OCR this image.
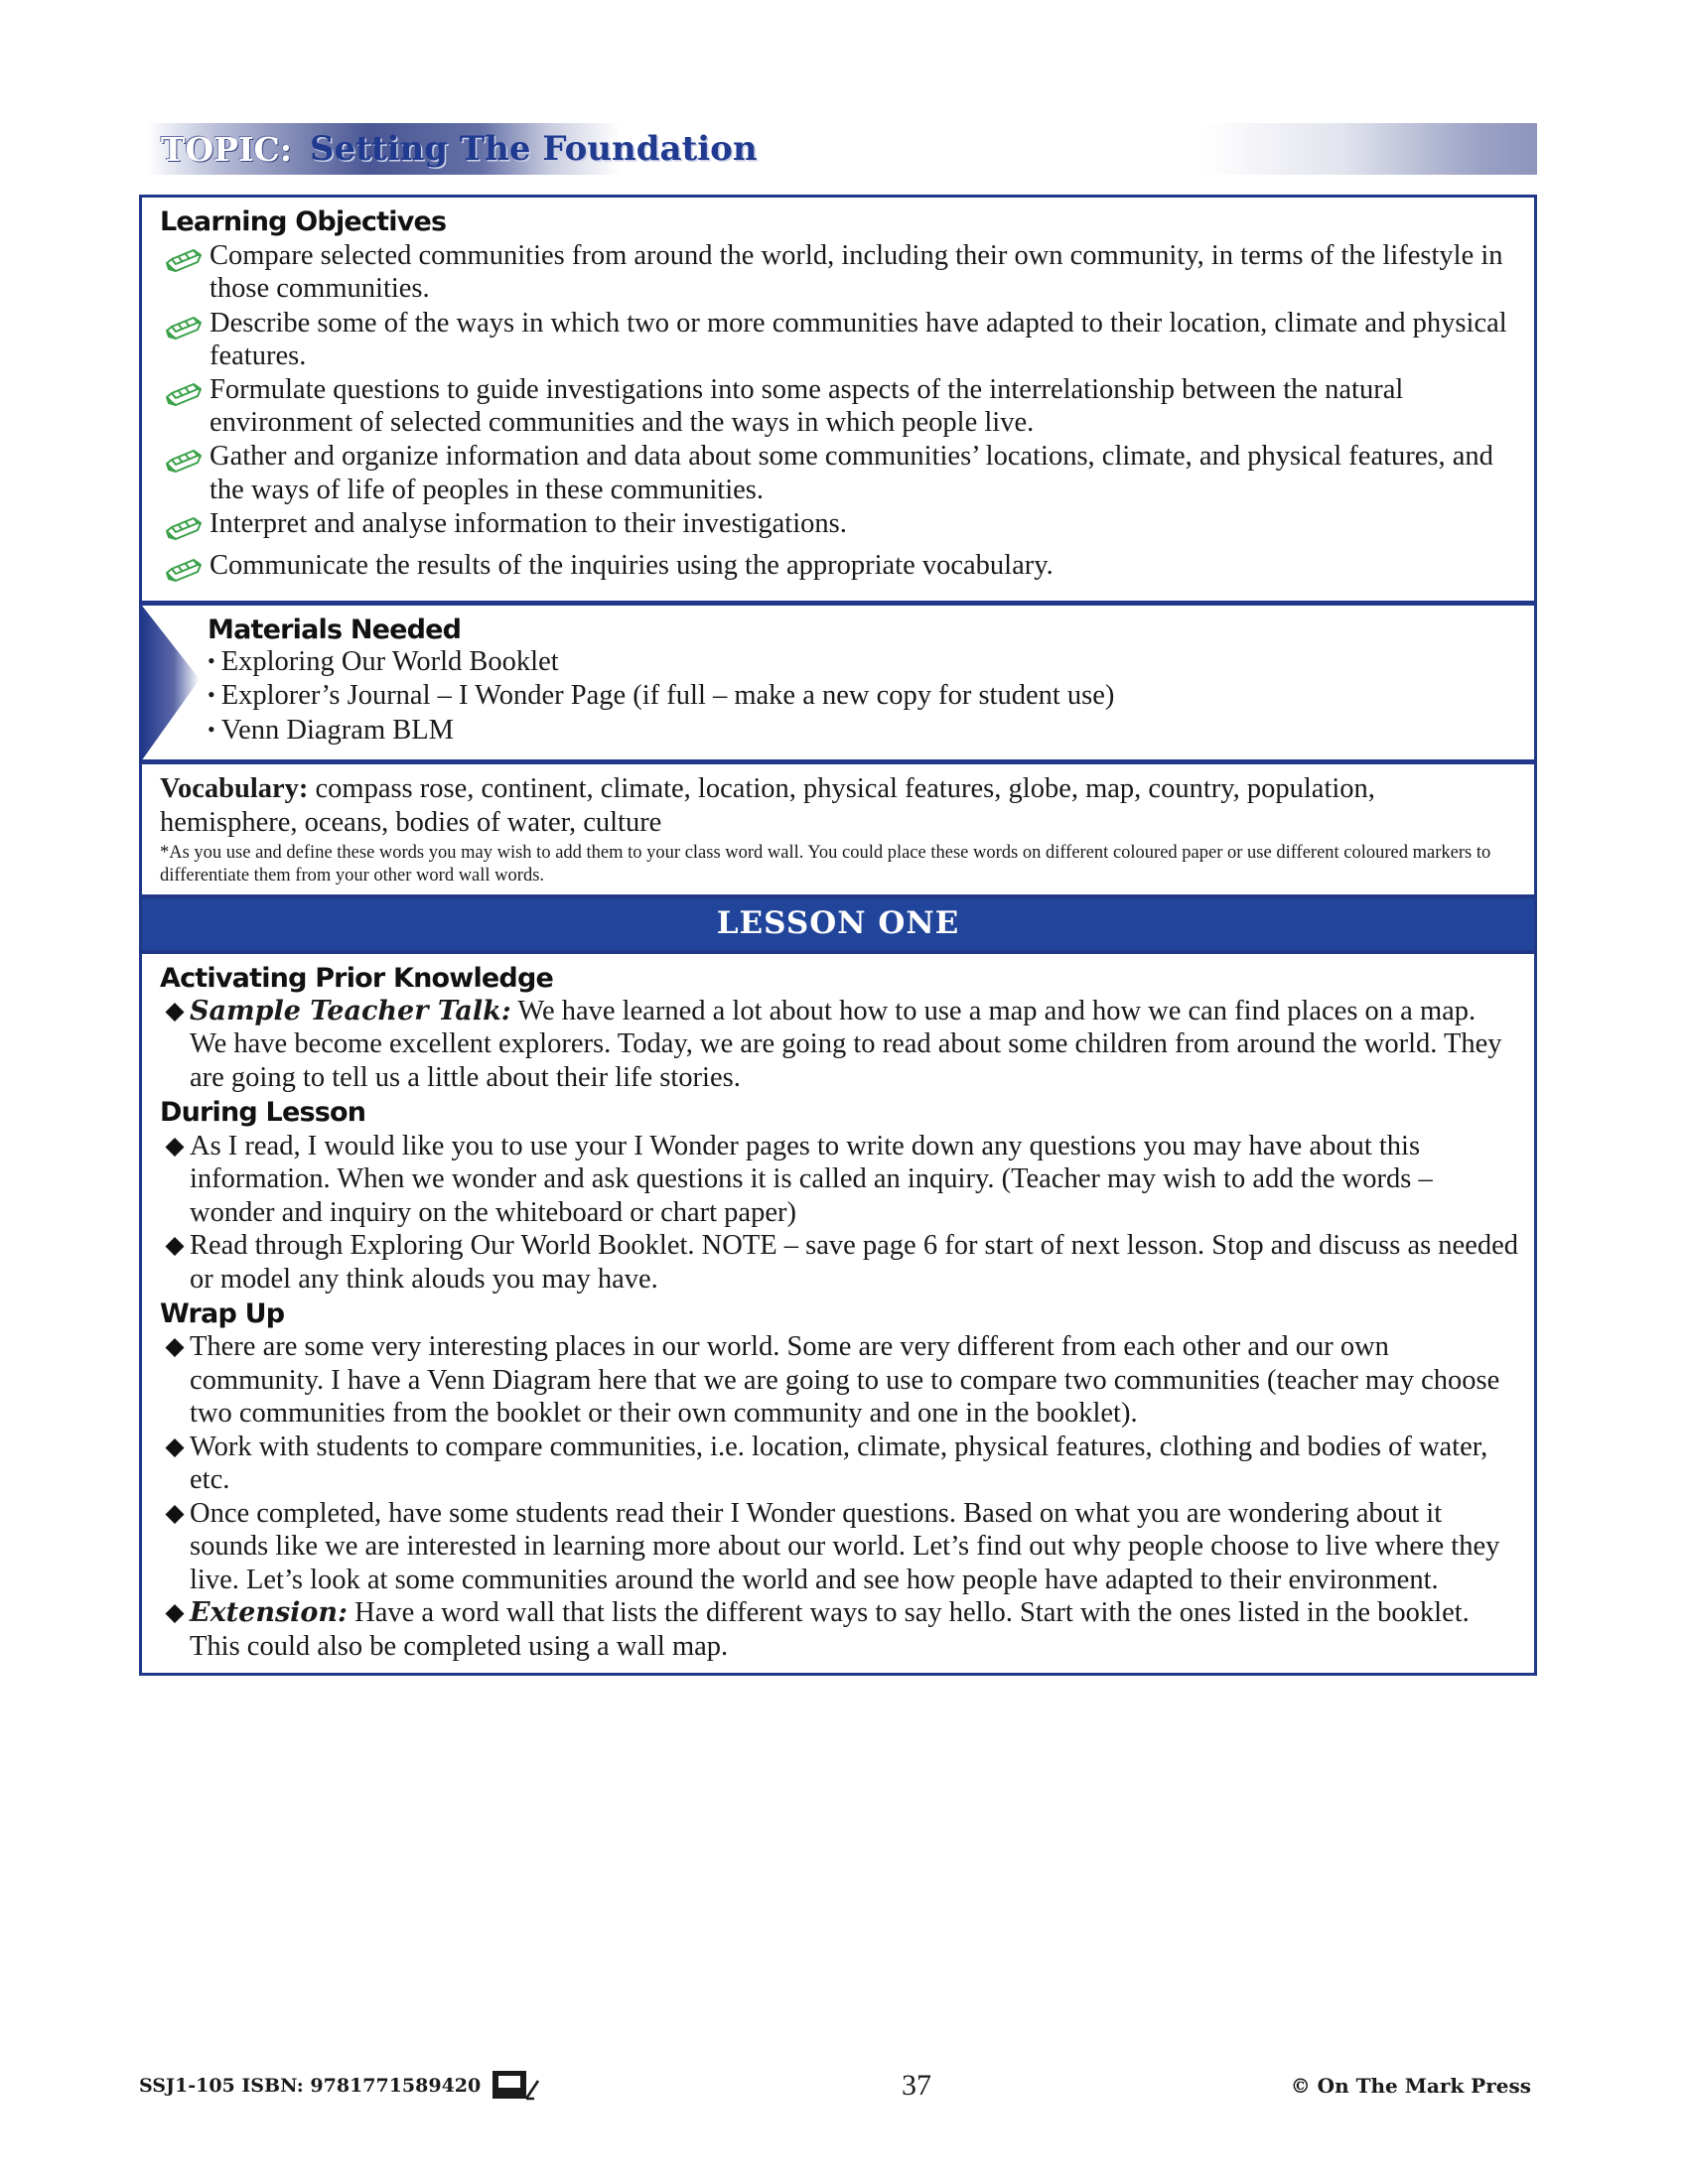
TOPIC: Setting The Foundation
Learning Objectives
Compare selected communities from around the world, including their own community, in terms of the lifestyle in those communities.
Describe some of the ways in which two or more communities have adapted to their location, climate and physical features.
Formulate questions to guide investigations into some aspects of the interrelationship between the natural environment of selected communities and the ways in which people live.
Gather and organize information and data about some communities’ locations, climate, and physical features, and the ways of life of peoples in these communities.
Interpret and analyse information to their investigations.
Communicate the results of the inquiries using the appropriate vocabulary.
Materials Needed
• Exploring Our World Booklet
• Explorer’s Journal – I Wonder Page (if full – make a new copy for student use)
• Venn Diagram BLM
Vocabulary: compass rose, continent, climate, location, physical features, globe, map, country, population, hemisphere, oceans, bodies of water, culture
*As you use and define these words you may wish to add them to your class word wall. You could place these words on different coloured paper or use different coloured markers to differentiate them from your other word wall words.
LESSON ONE
Activating Prior Knowledge
◆ Sample Teacher Talk: We have learned a lot about how to use a map and how we can find places on a map. We have become excellent explorers. Today, we are going to read about some children from around the world. They are going to tell us a little about their life stories.
During Lesson
◆ As I read, I would like you to use your I Wonder pages to write down any questions you may have about this information. When we wonder and ask questions it is called an inquiry. (Teacher may wish to add the words – wonder and inquiry on the whiteboard or chart paper)
◆ Read through Exploring Our World Booklet. NOTE – save page 6 for start of next lesson. Stop and discuss as needed or model any think alouds you may have.
Wrap Up
◆ There are some very interesting places in our world. Some are very different from each other and our own community. I have a Venn Diagram here that we are going to use to compare two communities (teacher may choose two communities from the booklet or their own community and one in the booklet).
◆ Work with students to compare communities, i.e. location, climate, physical features, clothing and bodies of water, etc.
◆ Once completed, have some students read their I Wonder questions. Based on what you are wondering about it sounds like we are interested in learning more about our world. Let’s find out why people choose to live where they live. Let’s look at some communities around the world and see how people have adapted to their environment.
◆ Extension: Have a word wall that lists the different ways to say hello. Start with the ones listed in the booklet. This could also be completed using a wall map.
SSJ1-105 ISBN: 9781771589420	37	© On The Mark Press
